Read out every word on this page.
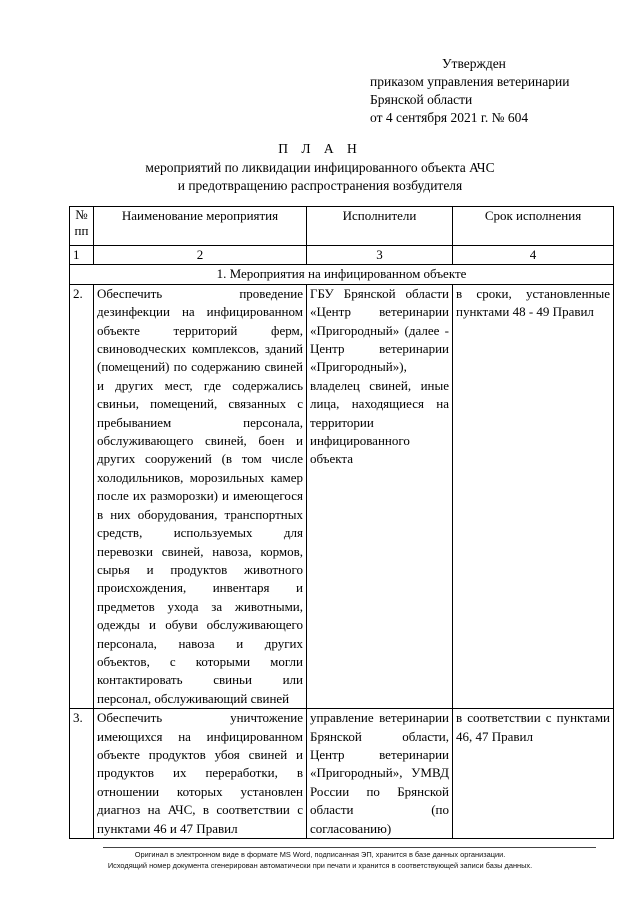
Утвержден
приказом управления ветеринарии
Брянской области
от 4 сентября 2021 г. № 604
П Л А Н
мероприятий по ликвидации инфицированного объекта АЧС
и предотвращению распространения возбудителя
№ пп	Наименование мероприятия	Исполнители	Срок исполнения
1	2	3	4
1. Мероприятия на инфицированном объекте			
2.	Обеспечить проведение дезинфекции на инфицированном объекте территорий ферм, свиноводческих комплексов, зданий (помещений) по содержанию свиней и других мест, где содержались свиньи, помещений, связанных с пребыванием персонала, обслуживающего свиней, боен и других сооружений (в том числе холодильников, морозильных камер после их разморозки) и имеющегося в них оборудования, транспортных средств, используемых для перевозки свиней, навоза, кормов, сырья и продуктов животного происхождения, инвентаря и предметов ухода за животными, одежды и обуви обслуживающего персонала, навоза и других объектов, с которыми могли контактировать свиньи или персонал, обслуживающий свиней	ГБУ Брянской области «Центр ветеринарии «Пригородный» (далее - Центр ветеринарии «Пригородный»), владелец свиней, иные лица, находящиеся на территории инфицированного объекта	в сроки, установленные пунктами 48 - 49 Правил
3.	Обеспечить уничтожение имеющихся на инфицированном объекте продуктов убоя свиней и продуктов их переработки, в отношении которых установлен диагноз на АЧС, в соответствии с пунктами 46 и 47 Правил	управление ветеринарии Брянской области, Центр ветеринарии «Пригородный», УМВД России по Брянской области (по согласованию)	в соответствии с пунктами 46, 47 Правил
Оригинал в электронном виде в формате MS Word, подписанная ЭП, хранится в базе данных организации.
Исходящий номер документа сгенерирован автоматически при печати и хранится в соответствующей записи базы данных.
